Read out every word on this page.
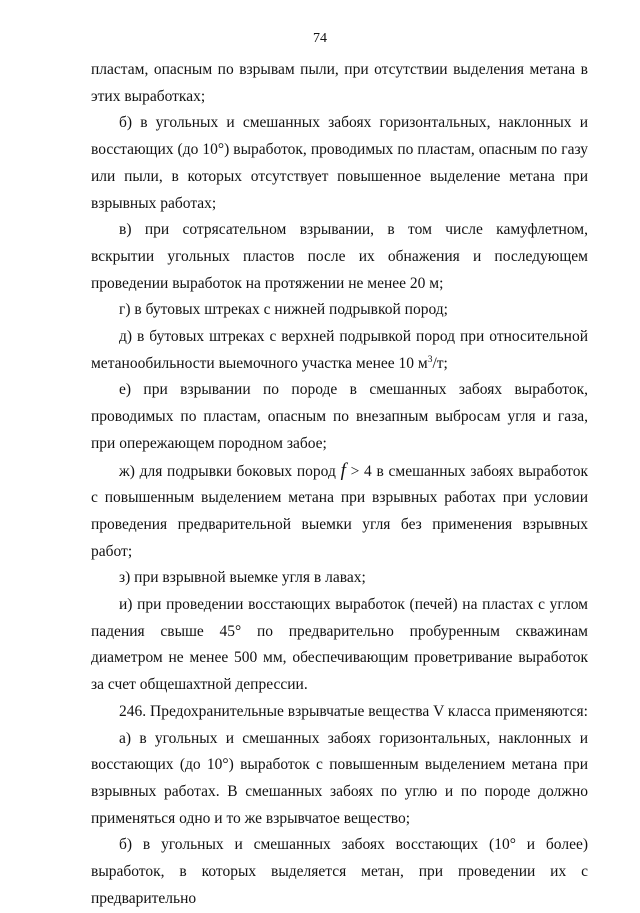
74

пластам, опасным по взрывам пыли, при отсутствии выделения метана в этих выработках;

б) в угольных и смешанных забоях горизонтальных, наклонных и восстающих (до 10°) выработок, проводимых по пластам, опасным по газу или пыли, в которых отсутствует повышенное выделение метана при взрывных работах;

в) при сотрясательном взрывании, в том числе камуфлетном, вскрытии угольных пластов после их обнажения и последующем проведении выработок на протяжении не менее 20 м;

г) в бутовых штреках с нижней подрывкой пород;

д) в бутовых штреках с верхней подрывкой пород при относительной метанообильности выемочного участка менее 10 $м^3/т$;

е) при взрывании по породе в смешанных забоях выработок, проводимых по пластам, опасным по внезапным выбросам угля и газа, при опережающем породном забое;

ж) для подрывки боковых пород f > 4 в смешанных забоях выработок с повышенным выделением метана при взрывных работах при условии проведения предварительной выемки угля без применения взрывных работ;

з) при взрывной выемке угля в лавах;

и) при проведении восстающих выработок (печей) на пластах с углом падения свыше 45° по предварительно пробуренным скважинам диаметром не менее 500 мм, обеспечивающим проветривание выработок за счет общешахтной депрессии.

246. Предохранительные взрывчатые вещества V класса применяются:

а) в угольных и смешанных забоях горизонтальных, наклонных и восстающих (до 10°) выработок с повышенным выделением метана при взрывных работах. В смешанных забоях по углю и по породе должно применяться одно и то же взрывчатое вещество;

б) в угольных и смешанных забоях восстающих (10° и более) выработок, в которых выделяется метан, при проведении их с предварительно
